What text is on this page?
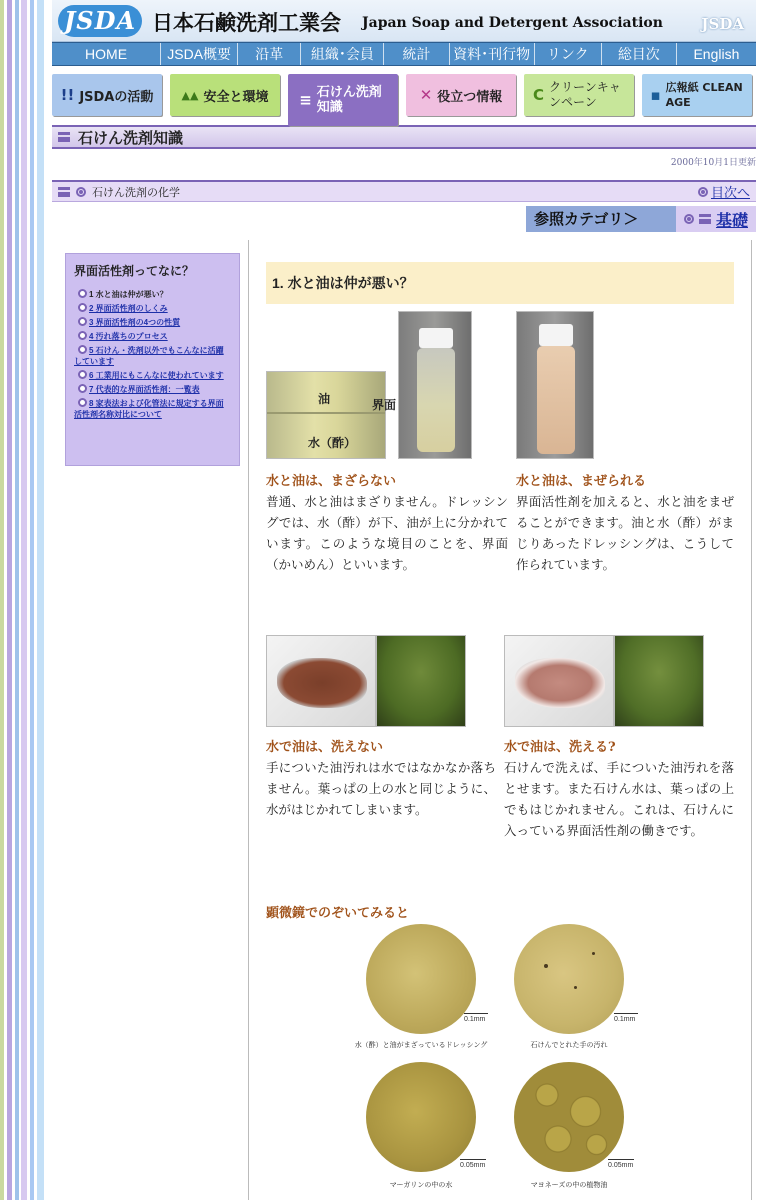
JSDA 日本石鹸洗剤工業会 Japan Soap and Detergent Association	JSDA
HOME	JSDA概要	沿革	組織･会員	統計	資料･刊行物	リンク	総目次	English
!! JSDAの活動	▲▲ 安全と環境 ≡ 石けん洗剤 知識
✕ 役立つ情報 C クリーンキャンペーン	▪ 広報紙 CLEAN AGE
石けん洗剤知識
2000年10月1日更新
石けん洗剤の化学	目次へ
参照カテゴリ＞	基礎
界面活性剤ってなに？
1 水と油は仲が悪い？
2 界面活性剤のしくみ
3 界面活性剤の4つの性質
4 汚れ落ちのプロセス
5 石けん・洗剤以外でもこんなに活躍しています
6 工業用にもこんなに使われています
7 代表的な界面活性剤：一覧表
8 家表法および化管法に規定する界面活性剤名称対比について
1. 水と油は仲が悪い？
油	界面
水（酢）
水と油は、まざらない
普通、水と油はまざりません。ドレッシングでは、水（酢）が下、油が上に分かれています。このような境目のことを、界面（かいめん）といいます。
水と油は、まぜられる
界面活性剤を加えると、水と油をまぜることができます。油と水（酢）がまじりあったドレッシングは、こうして作られています。
水で油は、洗えない
手についた油汚れは水ではなかなか落ちません。葉っぱの上の水と同じように、水がはじかれてしまいます。
水で油は、洗える?
石けんで洗えば、手についた油汚れを落とせます。また石けん水は、葉っぱの上でもはじかれません。これは、石けんに入っている界面活性剤の働きです。
顕微鏡でのぞいてみると
0.1mm
水（酢）と油がまざっているドレッシング
0.1mm
石けんでとれた手の汚れ
0.05mm
マーガリンの中の水
0.05mm
マヨネーズの中の植物油
